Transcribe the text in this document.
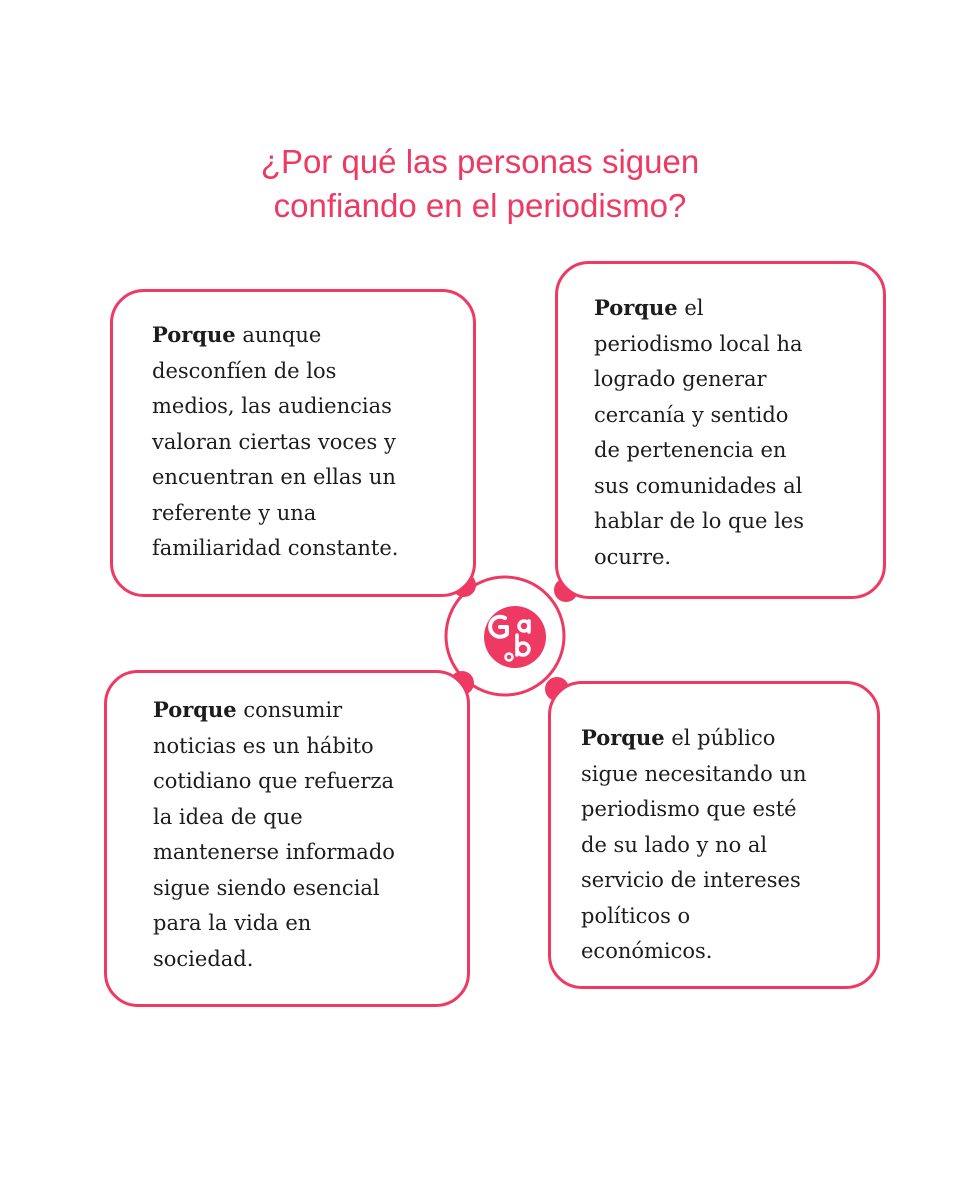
¿Por qué las personas siguen
confiando en el periodismo?
Porque aunque
desconfíen de los
medios, las audiencias
valoran ciertas voces y
encuentran en ellas un
referente y una
familiaridad constante.
Porque el
periodismo local ha
logrado generar
cercanía y sentido
de pertenencia en
sus comunidades al
hablar de lo que les
ocurre.
Porque consumir
noticias es un hábito
cotidiano que refuerza
la idea de que
mantenerse informado
sigue siendo esencial
para la vida en
sociedad.
Porque el público
sigue necesitando un
periodismo que esté
de su lado y no al
servicio de intereses
políticos o
económicos.
